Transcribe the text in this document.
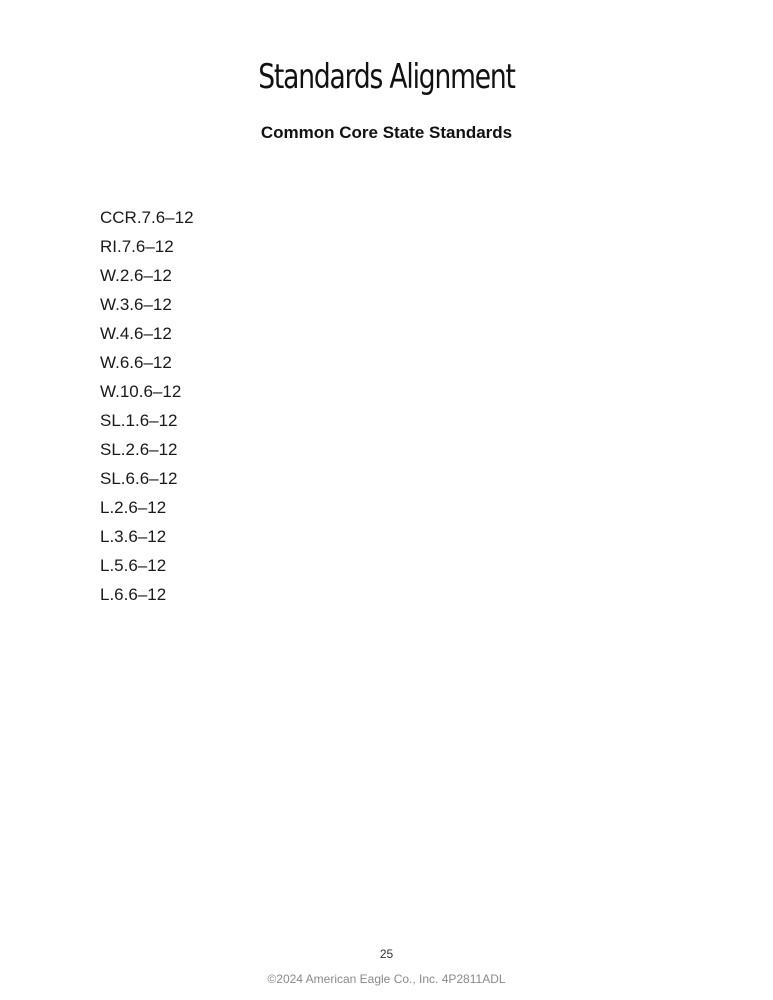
Standards Alignment
Common Core State Standards
CCR.7.6–12
RI.7.6–12
W.2.6–12
W.3.6–12
W.4.6–12
W.6.6–12
W.10.6–12
SL.1.6–12
SL.2.6–12
SL.6.6–12
L.2.6–12
L.3.6–12
L.5.6–12
L.6.6–12
25
©2024 American Eagle Co., Inc. 4P2811ADL
